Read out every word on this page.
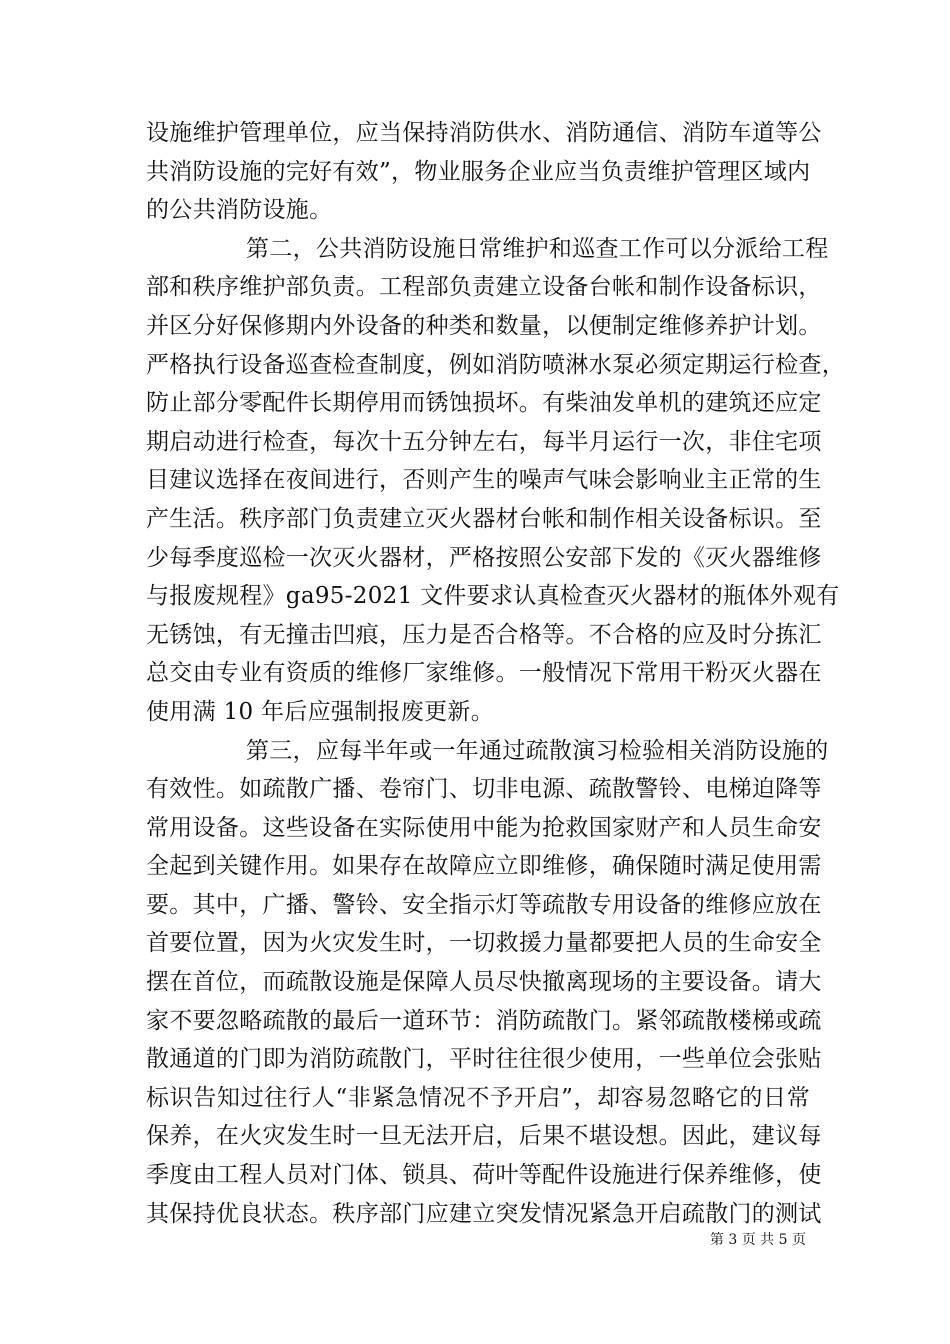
设施维护管理单位，应当保持消防供水、消防通信、消防车道等公
共消防设施的完好有效”，物业服务企业应当负责维护管理区域内
的公共消防设施。
第二，公共消防设施日常维护和巡查工作可以分派给工程
部和秩序维护部负责。工程部负责建立设备台帐和制作设备标识，
并区分好保修期内外设备的种类和数量，以便制定维修养护计划。
严格执行设备巡查检查制度，例如消防喷淋水泵必须定期运行检查，
防止部分零配件长期停用而锈蚀损坏。有柴油发单机的建筑还应定
期启动进行检查，每次十五分钟左右，每半月运行一次，非住宅项
目建议选择在夜间进行，否则产生的噪声气味会影响业主正常的生
产生活。秩序部门负责建立灭火器材台帐和制作相关设备标识。至
少每季度巡检一次灭火器材，严格按照公安部下发的《灭火器维修
与报废规程》ga95-2021 文件要求认真检查灭火器材的瓶体外观有
无锈蚀，有无撞击凹痕，压力是否合格等。不合格的应及时分拣汇
总交由专业有资质的维修厂家维修。一般情况下常用干粉灭火器在
使用满 10 年后应强制报废更新。
第三，应每半年或一年通过疏散演习检验相关消防设施的
有效性。如疏散广播、卷帘门、切非电源、疏散警铃、电梯迫降等
常用设备。这些设备在实际使用中能为抢救国家财产和人员生命安
全起到关键作用。如果存在故障应立即维修，确保随时满足使用需
要。其中，广播、警铃、安全指示灯等疏散专用设备的维修应放在
首要位置，因为火灾发生时，一切救援力量都要把人员的生命安全
摆在首位，而疏散设施是保障人员尽快撤离现场的主要设备。请大
家不要忽略疏散的最后一道环节：消防疏散门。紧邻疏散楼梯或疏
散通道的门即为消防疏散门，平时往往很少使用，一些单位会张贴
标识告知过往行人“非紧急情况不予开启”，却容易忽略它的日常
保养，在火灾发生时一旦无法开启，后果不堪设想。因此，建议每
季度由工程人员对门体、锁具、荷叶等配件设施进行保养维修，使
其保持优良状态。秩序部门应建立突发情况紧急开启疏散门的测试
第 3 页 共 5 页
